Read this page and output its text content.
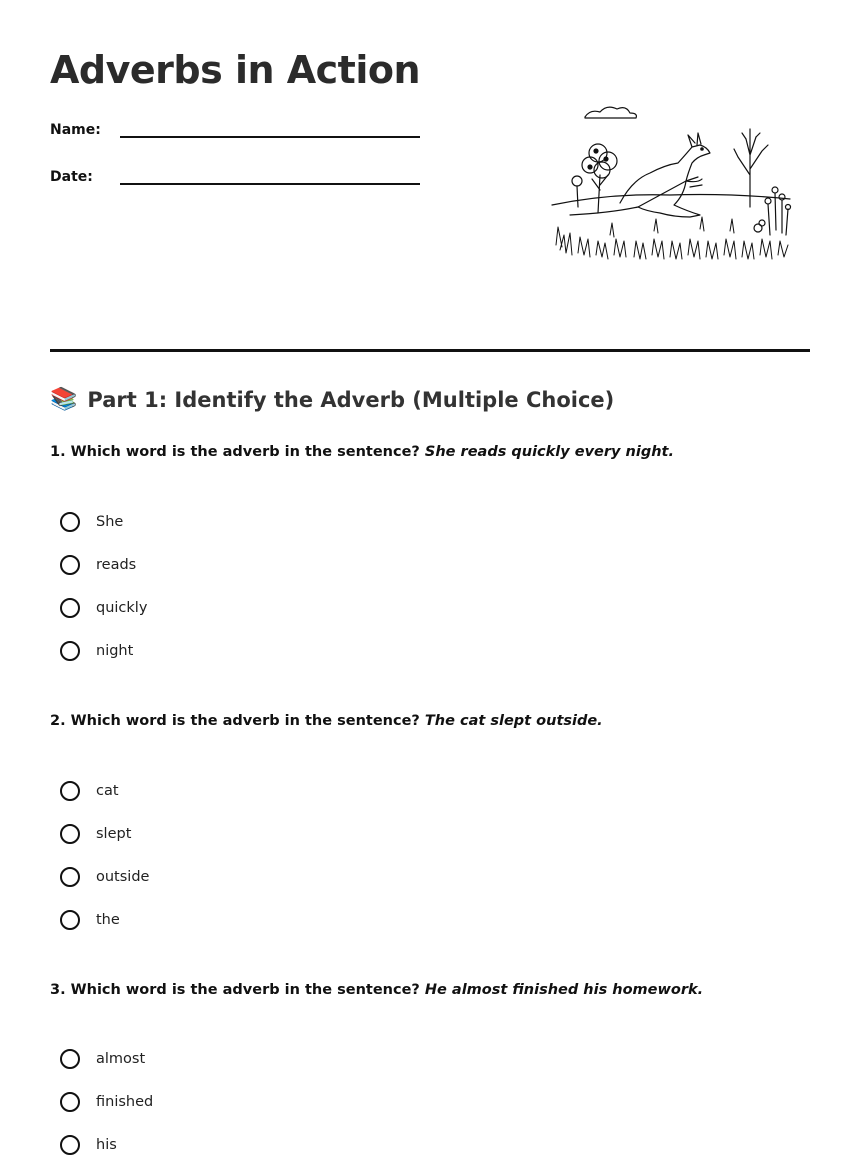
Adverbs in Action
Name:
Date:
📚 Part 1: Identify the Adverb (Multiple Choice)
1. Which word is the adverb in the sentence? She reads quickly every night.
She
reads
quickly
night
2. Which word is the adverb in the sentence? The cat slept outside.
cat
slept
outside
the
3. Which word is the adverb in the sentence? He almost finished his homework.
almost
finished
his
